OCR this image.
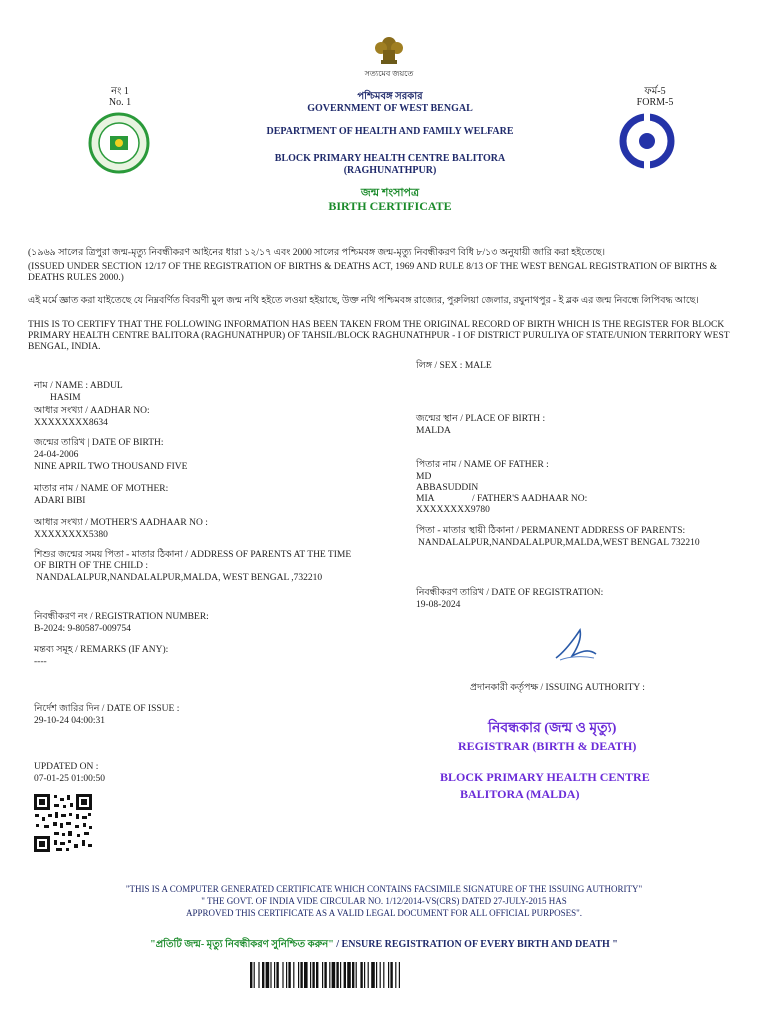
সত্যমেব জয়তে
নং 1
No. 1
ফর্ম-5
FORM-5
পশ্চিমবঙ্গ সরকার
GOVERNMENT OF WEST BENGAL
DEPARTMENT OF HEALTH AND FAMILY WELFARE
BLOCK PRIMARY HEALTH CENTRE BALITORA
(RAGHUNATHPUR)
জন্ম শংসাপত্র
BIRTH CERTIFICATE
(১৯৬৯ সালের ত্রিপুরা জন্ম-মৃত্যু নিবন্ধীকরণ আইনের ধারা ১২/১৭ এবং 2000 সালের পশ্চিমবঙ্গ জন্ম-মৃত্যু নিবন্ধীকরণ বিধি ৮/১৩ অনুযায়ী জারি করা হইতেছে।
(ISSUED UNDER SECTION 12/17 OF THE REGISTRATION OF BIRTHS & DEATHS ACT, 1969 AND RULE 8/13 OF THE WEST BENGAL REGISTRATION OF BIRTHS & DEATHS RULES 2000.)
এই মর্মে জ্ঞাত করা যাইতেছে যে নিম্নবর্ণিত বিবরণী মুল জন্ম নথি হইতে লওয়া হইয়াছে, উক্ত নথি পশ্চিমবঙ্গ রাজ্যের, পুরুলিয়া জেলার, রঘুনাথপুর - ই ব্লক এর জন্ম নিবন্ধে লিপিবদ্ধ আছে।
THIS IS TO CERTIFY THAT THE FOLLOWING INFORMATION HAS BEEN TAKEN FROM THE ORIGINAL RECORD OF BIRTH WHICH IS THE REGISTER FOR BLOCK PRIMARY HEALTH CENTRE BALITORA (RAGHUNATHPUR) OF TAHSIL/BLOCK RAGHUNATHPUR - I OF DISTRICT PURULIYA OF STATE/UNION TERRITORY WEST BENGAL, INDIA.
নাম / NAME : ABDUL
HASIM
আধার সংখ্যা / AADHAR NO:
XXXXXXXX8634
জন্মের তারিখ | DATE OF BIRTH:
24-04-2006
NINE APRIL TWO THOUSAND FIVE
মাতার নাম / NAME OF MOTHER:
ADARI BIBI
আধার সংখ্যা / MOTHER'S AADHAAR NO :
XXXXXXXX5380
শিশুর জন্মের সময় পিতা - মাতার ঠিকানা / ADDRESS OF PARENTS AT THE TIME OF BIRTH OF THE CHILD :
NANDALALPUR,NANDALALPUR,MALDA, WEST BENGAL ,732210
নিবন্ধীকরণ নং / REGISTRATION NUMBER:
B-2024: 9-80587-009754
মন্তব্য সমূহ / REMARKS (IF ANY):
----
নির্দেশ জারির দিন / DATE OF ISSUE :
29-10-24 04:00:31
UPDATED ON :
07-01-25 01:00:50
লিঙ্গ / SEX : MALE
জন্মের স্থান / PLACE OF BIRTH :
MALDA
পিতার নাম / NAME OF FATHER :
MD
ABBASUDDIN
MIA	/ FATHER'S AADHAAR NO:
XXXXXXXX9780
পিতা - মাতার স্থায়ী ঠিকানা / PERMANENT ADDRESS OF PARENTS:
NANDALALPUR,NANDALALPUR,MALDA,WEST BENGAL 732210
নিবন্ধীকরণ তারিখ / DATE OF REGISTRATION:
19-08-2024
প্রদানকারী কর্তৃপক্ষ / ISSUING AUTHORITY :
নিবন্ধকার (জন্ম ও মৃত্যু)
REGISTRAR (BIRTH & DEATH)
BLOCK PRIMARY HEALTH CENTRE
BALITORA (MALDA)
"THIS IS A COMPUTER GENERATED CERTIFICATE WHICH CONTAINS FACSIMILE SIGNATURE OF THE ISSUING AUTHORITY"
" THE GOVT. OF INDIA VIDE CIRCULAR NO. 1/12/2014-VS(CRS) DATED 27-JULY-2015 HAS
APPROVED THIS CERTIFICATE AS A VALID LEGAL DOCUMENT FOR ALL OFFICIAL PURPOSES".
"প্রতিটি জন্ম- মৃত্যু নিবন্ধীকরণ সুনিশ্চিত করুন" / ENSURE REGISTRATION OF EVERY BIRTH AND DEATH "
